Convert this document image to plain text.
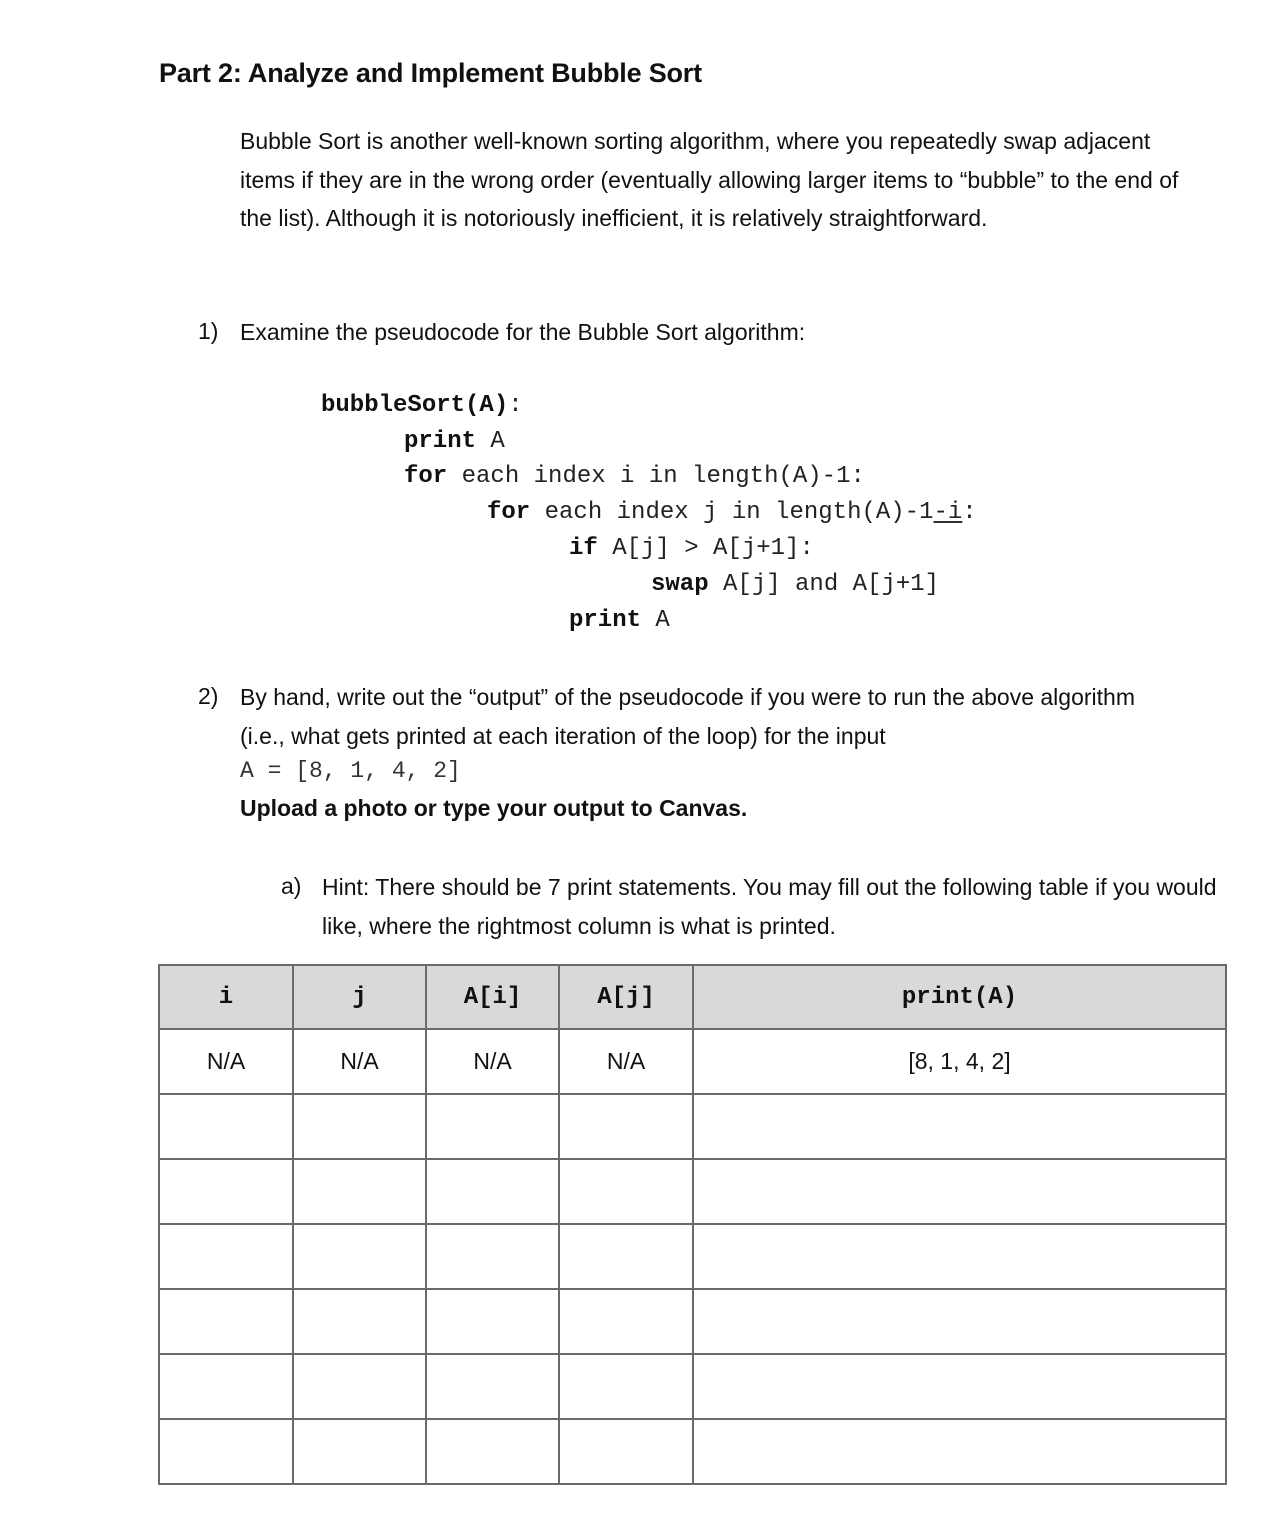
Part 2: Analyze and Implement Bubble Sort

Bubble Sort is another well-known sorting algorithm, where you repeatedly swap adjacent items if they are in the wrong order (eventually allowing larger items to “bubble” to the end of the list). Although it is notoriously inefficient, it is relatively straightforward.

1) Examine the pseudocode for the Bubble Sort algorithm:

bubbleSort(A):
print A
for each index i in length(A)-1:
for each index j in length(A)-1-i:
if A[j] > A[j+1]:
swap A[j] and A[j+1]
print A
2) By hand, write out the “output” of the pseudocode if you were to run the above algorithm (i.e., what gets printed at each iteration of the loop) for the input

A = [8, 1, 4, 2]
Upload a photo or type your output to Canvas.
a) Hint: There should be 7 print statements. You may fill out the following table if you would like, where the rightmost column is what is printed.

i	j	A[i]	A[j]	print(A)
N/A	N/A	N/A	N/A	[8, 1, 4, 2]
